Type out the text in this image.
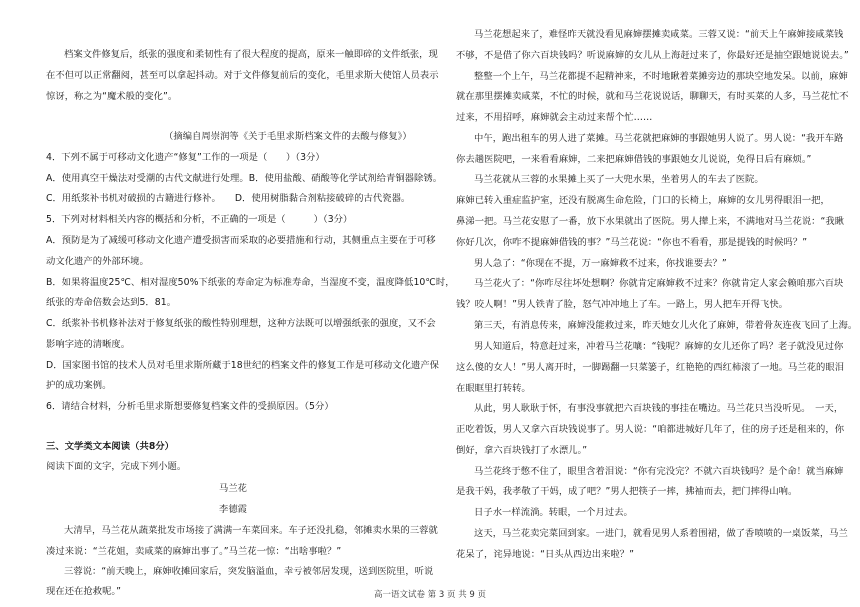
档案文件修复后，纸张的强度和柔韧性有了很大程度的提高，原来一触即碎的文件纸张，现
在不但可以正常翻阅，甚至可以拿起抖动。对于文件修复前后的变化，毛里求斯大使馆人员表示
惊讶，称之为“魔术般的变化”。
（摘编自周崇润等《关于毛里求斯档案文件的去酸与修复》）
4．下列不属于可移动文化遗产“修复”工作的一项是（　　）（3分）
A．使用真空干燥法对受潮的古代文献进行处理。B．使用盐酸、硝酸等化学试剂给青铜器除锈。
C．用纸浆补书机对破损的古籍进行修补。　　D．使用树脂黏合剂粘接破碎的古代瓷器。
5．下列对材料相关内容的概括和分析，不正确的一项是（　　　）（3分）
A．预防是为了减缓可移动文化遗产遭受损害而采取的必要措施和行动，其侧重点主要在于可移
动文化遗产的外部环境。
B．如果将温度25℃、相对湿度50%下纸张的寿命定为标准寿命，当湿度不变，温度降低10℃时，
纸张的寿命倍数会达到5．81。
C．纸浆补书机修补法对于修复纸张的酸性特别理想，这种方法既可以增强纸张的强度，又不会
影响字迹的清晰度。
D．国家图书馆的技术人员对毛里求斯所藏于18世纪的档案文件的修复工作是可移动文化遗产保
护的成功案例。
6．请结合材料，分析毛里求斯想要修复档案文件的受损原因。（5分）
三、文学类文本阅读（共8分）
阅读下面的文字，完成下列小题。
马兰花
李德霞
大清早，马兰花从蔬菜批发市场接了满满一车菜回来。车子还没扎稳，邻摊卖水果的三蓉就
凑过来说：“兰花姐，卖咸菜的麻婶出事了。”马兰花一惊：“出啥事啦？”
三蓉说：“前天晚上，麻婶收摊回家后，突发脑溢血，幸亏被邻居发现，送到医院里，听说
现在还在抢救呢。”
马兰花想起来了，难怪昨天就没看见麻婶摆摊卖咸菜。三蓉又说：“前天上午麻婶接咸菜钱
不够，不是借了你六百块钱吗？听说麻婶的女儿从上海赶过来了，你最好还是抽空跟她说说去。”
整整一个上午，马兰花都提不起精神来，不时地瞅着菜摊旁边的那块空地发呆。以前，麻婶
就在那里摆摊卖咸菜，不忙的时候，就和马兰花说说话，聊聊天，有时买菜的人多，马兰花忙不
过来，不用招呼，麻婶就会主动过来帮个忙……
中午，跑出租车的男人进了菜摊。马兰花就把麻婶的事跟她男人说了。男人说：“我开车路
你去趟医院吧，一来看看麻婶，二来把麻婶借钱的事跟她女儿说说，免得日后有麻烦。”
马兰花就从三蓉的水果摊上买了一大兜水果，坐着男人的车去了医院。
麻婶已转入重症监护室，还没有脱离生命危险，门口的长椅上，麻婶的女儿男得眼泪一把，
鼻涕一把。马兰花安慰了一番，放下水果就出了医院。男人撵上来，不满地对马兰花说：“我瞅
你好几次，你咋不提麻婶借钱的事？”马兰花说：“你也不看看，那是提钱的时候吗？”
男人急了：“你现在不提，万一麻婶救不过来，你找谁要去？”
马兰花火了：“你咋尽往坏处想啊？你就肯定麻婶救不过来？你就肯定人家会赖咱那六百块
钱？咬人啊！”男人铁青了脸，怒气冲冲地上了车。一路上，男人把车开得飞快。
第三天，有消息传来，麻婶没能救过来，昨天她女儿火化了麻婶，带着骨灰连夜飞回了上海。
男人知道后，特意赶过来，冲着马兰花嚷：“钱呢？麻婶的女儿还你了吗？老子就没见过你
这么傻的女人！”男人离开时，一脚踢翻一只菜篓子，红艳艳的西红柿滚了一地。马兰花的眼泪
在眼眶里打转转。
从此，男人耿耿于怀，有事没事就把六百块钱的事挂在嘴边。马兰花只当没听见。　一天，
正吃着饭，男人又拿六百块钱说事了。男人说：“咱都进城好几年了，住的房子还是租来的，你
倒好，拿六百块钱打了水漂儿。”
马兰花终于憋不住了，眼里含着泪说：“你有完没完？不就六百块钱吗？是个命！就当麻婶
是我干妈，我孝敬了干妈，成了吧？”男人把筷子一摔，拂袖而去，把门摔得山响。
日子水一样流淌。转眼，一个月过去。
这天，马兰花卖完菜回到家。一进门，就看见男人系着围裙，做了香喷喷的一桌饭菜，马兰
花呆了，诧异地说：“日头从西边出来啦？”
高一语文试卷 第 3 页 共 9 页
